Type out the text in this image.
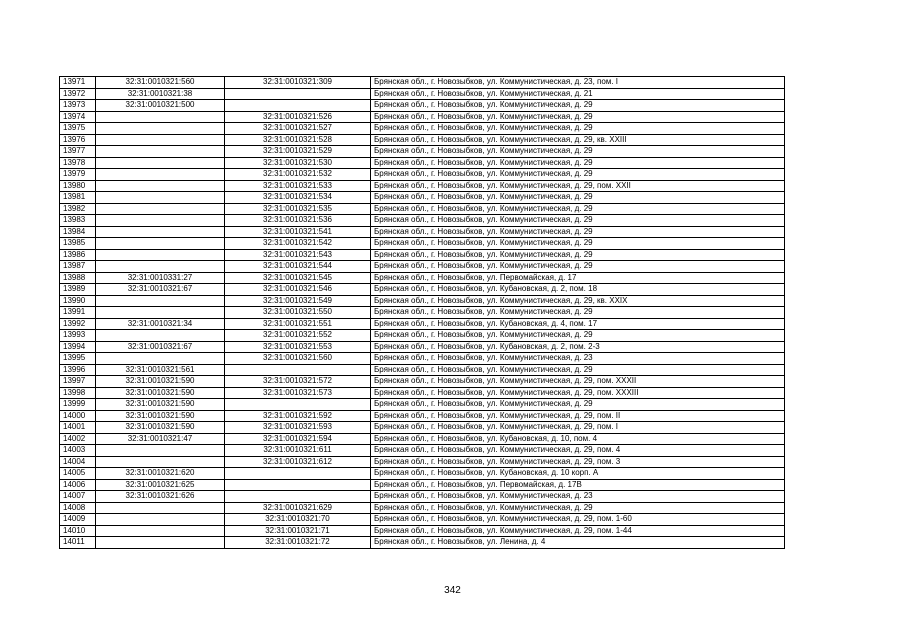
13971	32:31:0010321:560	32:31:0010321:309	Брянская обл., г. Новозыбков, ул. Коммунистическая, д. 23, пом. I
13972	32:31:0010321:38		Брянская обл., г. Новозыбков, ул. Коммунистическая, д. 21
13973	32:31:0010321:500		Брянская обл., г. Новозыбков, ул. Коммунистическая, д. 29
13974		32:31:0010321:526	Брянская обл., г. Новозыбков, ул. Коммунистическая, д. 29
13975		32:31:0010321:527	Брянская обл., г. Новозыбков, ул. Коммунистическая, д. 29
13976		32:31:0010321:528	Брянская обл., г. Новозыбков, ул. Коммунистическая, д. 29, кв. XXIII
13977		32:31:0010321:529	Брянская обл., г. Новозыбков, ул. Коммунистическая, д. 29
13978		32:31:0010321:530	Брянская обл., г. Новозыбков, ул. Коммунистическая, д. 29
13979		32:31:0010321:532	Брянская обл., г. Новозыбков, ул. Коммунистическая, д. 29
13980		32:31:0010321:533	Брянская обл., г. Новозыбков, ул. Коммунистическая, д. 29, пом. XXII
13981		32:31:0010321:534	Брянская обл., г. Новозыбков, ул. Коммунистическая, д. 29
13982		32:31:0010321:535	Брянская обл., г. Новозыбков, ул. Коммунистическая, д. 29
13983		32:31:0010321:536	Брянская обл., г. Новозыбков, ул. Коммунистическая, д. 29
13984		32:31:0010321:541	Брянская обл., г. Новозыбков, ул. Коммунистическая, д. 29
13985		32:31:0010321:542	Брянская обл., г. Новозыбков, ул. Коммунистическая, д. 29
13986		32:31:0010321:543	Брянская обл., г. Новозыбков, ул. Коммунистическая, д. 29
13987		32:31:0010321:544	Брянская обл., г. Новозыбков, ул. Коммунистическая, д. 29
13988	32:31:0010331:27	32:31:0010321:545	Брянская обл., г. Новозыбков, ул. Первомайская, д. 17
13989	32:31:0010321:67	32:31:0010321:546	Брянская обл., г. Новозыбков, ул. Кубановская, д. 2, пом. 18
13990		32:31:0010321:549	Брянская обл., г. Новозыбков, ул. Коммунистическая, д. 29, кв. XXIX
13991		32:31:0010321:550	Брянская обл., г. Новозыбков, ул. Коммунистическая, д. 29
13992	32:31:0010321:34	32:31:0010321:551	Брянская обл., г. Новозыбков, ул. Кубановская, д. 4, пом. 17
13993		32:31:0010321:552	Брянская обл., г. Новозыбков, ул. Коммунистическая, д. 29
13994	32:31:0010321:67	32:31:0010321:553	Брянская обл., г. Новозыбков, ул. Кубановская, д. 2, пом. 2-3
13995		32:31:0010321:560	Брянская обл., г. Новозыбков, ул. Коммунистическая, д. 23
13996	32:31:0010321:561		Брянская обл., г. Новозыбков, ул. Коммунистическая, д. 29
13997	32:31:0010321:590	32:31:0010321:572	Брянская обл., г. Новозыбков, ул. Коммунистическая, д. 29, пом. XXXII
13998	32:31:0010321:590	32:31:0010321:573	Брянская обл., г. Новозыбков, ул. Коммунистическая, д. 29, пом. XXXIII
13999	32:31:0010321:590		Брянская обл., г. Новозыбков, ул. Коммунистическая, д. 29
14000	32:31:0010321:590	32:31:0010321:592	Брянская обл., г. Новозыбков, ул. Коммунистическая, д. 29, пом. II
14001	32:31:0010321:590	32:31:0010321:593	Брянская обл., г. Новозыбков, ул. Коммунистическая, д. 29, пом. I
14002	32:31:0010321:47	32:31:0010321:594	Брянская обл., г. Новозыбков, ул. Кубановская, д. 10, пом. 4
14003		32:31:0010321:611	Брянская обл., г. Новозыбков, ул. Коммунистическая, д. 29, пом. 4
14004		32:31:0010321:612	Брянская обл., г. Новозыбков, ул. Коммунистическая, д. 29, пом. 3
14005	32:31:0010321:620		Брянская обл., г. Новозыбков, ул. Кубановская, д. 10 корп. А
14006	32:31:0010321:625		Брянская обл., г. Новозыбков, ул. Первомайская, д. 17В
14007	32:31:0010321:626		Брянская обл., г. Новозыбков, ул. Коммунистическая, д. 23
14008		32:31:0010321:629	Брянская обл., г. Новозыбков, ул. Коммунистическая, д. 29
14009		32:31:0010321:70	Брянская обл., г. Новозыбков, ул. Коммунистическая, д. 29, пом. 1-60
14010		32:31:0010321:71	Брянская обл., г. Новозыбков, ул. Коммунистическая, д. 29, пом. 1-44
14011		32:31:0010321:72	Брянская обл., г. Новозыбков, ул. Ленина, д. 4
342
